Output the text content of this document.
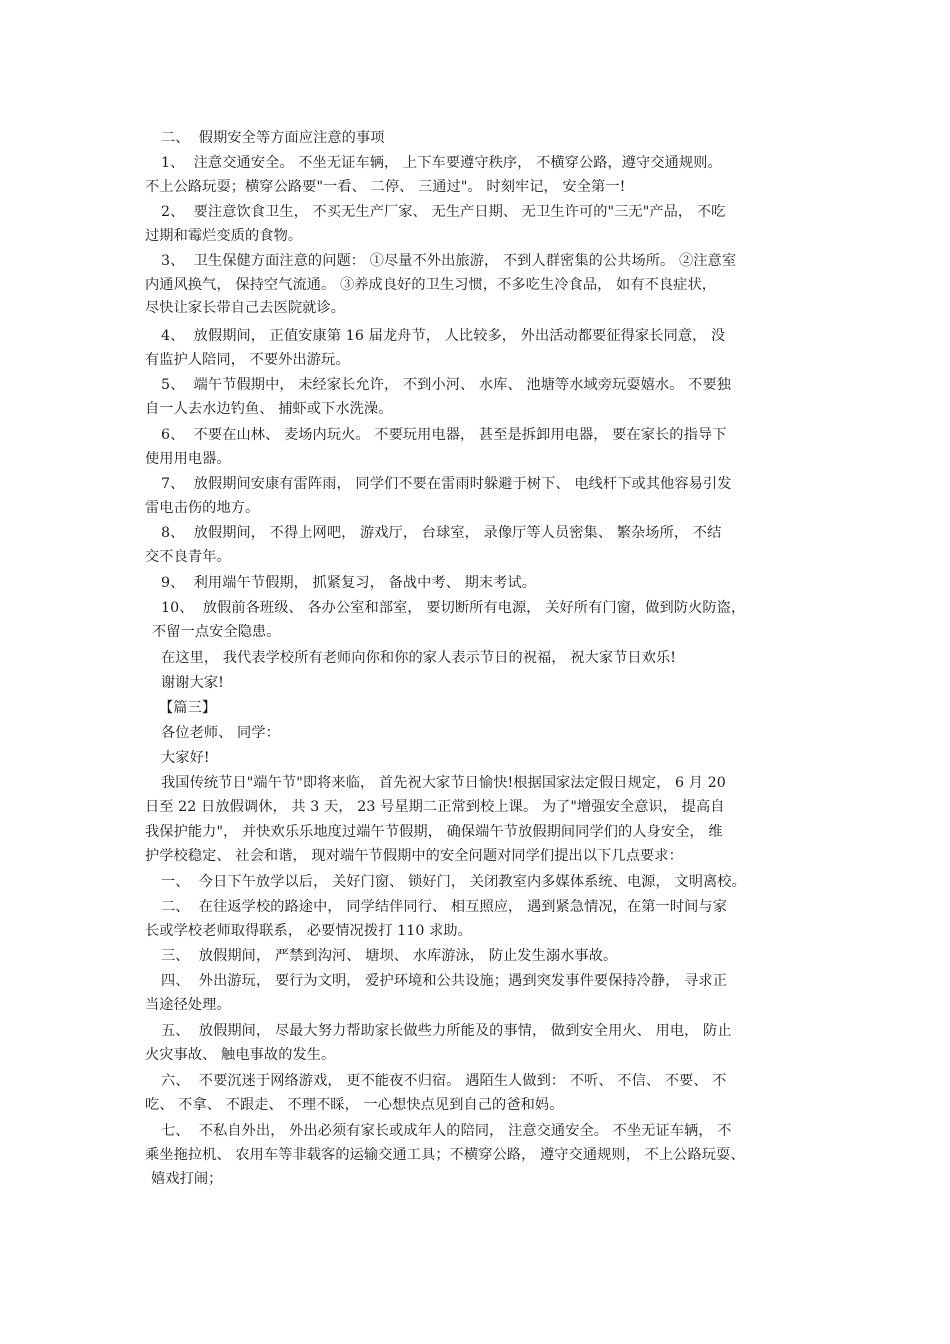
二、  假期安全等方面应注意的事项
1、  注意交通安全。 不坐无证车辆， 上下车要遵守秩序， 不横穿公路，遵守交通规则。
不上公路玩耍；横穿公路要"一看、 二停、 三通过"。 时刻牢记， 安全第一!
2、  要注意饮食卫生， 不买无生产厂家、 无生产日期、 无卫生许可的"三无"产品， 不吃
过期和霉烂变质的食物。
3、  卫生保健方面注意的问题： ①尽量不外出旅游， 不到人群密集的公共场所。 ②注意室
内通风换气， 保持空气流通。 ③养成良好的卫生习惯，不多吃生冷食品， 如有不良症状，
尽快让家长带自己去医院就诊。
4、  放假期间， 正值安康第 16 届龙舟节， 人比较多， 外出活动都要征得家长同意， 没
有监护人陪同， 不要外出游玩。
5、  端午节假期中， 未经家长允许， 不到小河、 水库、 池塘等水域旁玩耍嬉水。 不要独
自一人去水边钓鱼、 捕虾或下水洗澡。
6、  不要在山林、 麦场内玩火。 不要玩用电器， 甚至是拆卸用电器， 要在家长的指导下
使用用电器。
7、  放假期间安康有雷阵雨， 同学们不要在雷雨时躲避于树下、 电线杆下或其他容易引发
雷电击伤的地方。
8、  放假期间， 不得上网吧， 游戏厅， 台球室， 录像厅等人员密集、 繁杂场所， 不结
交不良青年。
9、  利用端午节假期， 抓紧复习， 备战中考、 期末考试。
10、  放假前各班级、 各办公室和部室， 要切断所有电源， 关好所有门窗，做到防火防盗，
不留一点安全隐患。
在这里， 我代表学校所有老师向你和你的家人表示节日的祝福， 祝大家节日欢乐!
谢谢大家!
【篇三】
各位老师、 同学：
大家好!
我国传统节日"端午节"即将来临， 首先祝大家节日愉快!根据国家法定假日规定， 6 月 20
日至 22 日放假调休， 共 3 天， 23 号星期二正常到校上课。 为了"增强安全意识， 提高自
我保护能力"， 并快欢乐乐地度过端午节假期， 确保端午节放假期间同学们的人身安全， 维
护学校稳定、 社会和谐， 现对端午节假期中的安全问题对同学们提出以下几点要求：
一、  今日下午放学以后， 关好门窗、 锁好门， 关闭教室内多媒体系统、电源， 文明离校。
二、  在往返学校的路途中， 同学结伴同行、 相互照应， 遇到紧急情况，在第一时间与家
长或学校老师取得联系， 必要情况拨打 110 求助。
三、  放假期间， 严禁到沟河、 塘坝、 水库游泳， 防止发生溺水事故。
四、  外出游玩， 要行为文明， 爱护环境和公共设施；遇到突发事件要保持冷静， 寻求正
当途径处理。
五、  放假期间， 尽最大努力帮助家长做些力所能及的事情， 做到安全用火、 用电， 防止
火灾事故、 触电事故的发生。
六、  不要沉迷于网络游戏， 更不能夜不归宿。 遇陌生人做到： 不听、 不信、 不要、 不
吃、 不拿、 不跟走、 不理不睬， 一心想快点见到自己的爸和妈。
七、  不私自外出， 外出必须有家长或成年人的陪同， 注意交通安全。 不坐无证车辆， 不
乘坐拖拉机、 农用车等非载客的运输交通工具；不横穿公路， 遵守交通规则， 不上公路玩耍、
嬉戏打闹；
